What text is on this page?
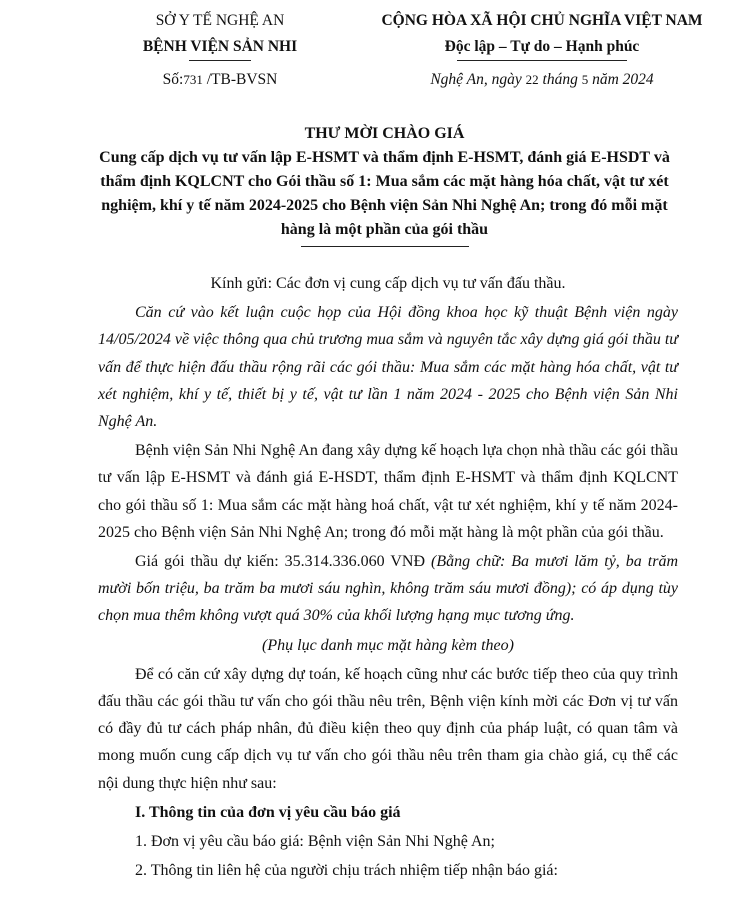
SỞ Y TẾ NGHỆ AN
BỆNH VIỆN SẢN NHI
Số:731 /TB-BVSN
CỘNG HÒA XÃ HỘI CHỦ NGHĨA VIỆT NAM
Độc lập – Tự do – Hạnh phúc
Nghệ An, ngày 22 tháng 5 năm 2024
THƯ MỜI CHÀO GIÁ
Cung cấp dịch vụ tư vấn lập E-HSMT và thẩm định E-HSMT, đánh giá E-HSDT và thẩm định KQLCNT cho Gói thầu số 1: Mua sắm các mặt hàng hóa chất, vật tư xét nghiệm, khí y tế năm 2024-2025 cho Bệnh viện Sản Nhi Nghệ An; trong đó mỗi mặt hàng là một phần của gói thầu

Kính gửi: Các đơn vị cung cấp dịch vụ tư vấn đấu thầu.

Căn cứ vào kết luận cuộc họp của Hội đồng khoa học kỹ thuật Bệnh viện ngày 14/05/2024 về việc thông qua chủ trương mua sắm và nguyên tắc xây dựng giá gói thầu tư vấn để thực hiện đấu thầu rộng rãi các gói thầu: Mua sắm các mặt hàng hóa chất, vật tư xét nghiệm, khí y tế, thiết bị y tế, vật tư lần 1 năm 2024 - 2025 cho Bệnh viện Sản Nhi Nghệ An.

Bệnh viện Sản Nhi Nghệ An đang xây dựng kế hoạch lựa chọn nhà thầu các gói thầu tư vấn lập E-HSMT và đánh giá E-HSDT, thẩm định E-HSMT và thẩm định KQLCNT cho gói thầu số 1: Mua sắm các mặt hàng hoá chất, vật tư xét nghiệm, khí y tế năm 2024-2025 cho Bệnh viện Sản Nhi Nghệ An; trong đó mỗi mặt hàng là một phần của gói thầu.

Giá gói thầu dự kiến: 35.314.336.060 VNĐ (Bằng chữ: Ba mươi lăm tỷ, ba trăm mười bốn triệu, ba trăm ba mươi sáu nghìn, không trăm sáu mươi đồng); có áp dụng tùy chọn mua thêm không vượt quá 30% của khối lượng hạng mục tương ứng.

(Phụ lục danh mục mặt hàng kèm theo)

Để có căn cứ xây dựng dự toán, kế hoạch cũng như các bước tiếp theo của quy trình đấu thầu các gói thầu tư vấn cho gói thầu nêu trên, Bệnh viện kính mời các Đơn vị tư vấn có đầy đủ tư cách pháp nhân, đủ điều kiện theo quy định của pháp luật, có quan tâm và mong muốn cung cấp dịch vụ tư vấn cho gói thầu nêu trên tham gia chào giá, cụ thể các nội dung thực hiện như sau:

I. Thông tin của đơn vị yêu cầu báo giá

1. Đơn vị yêu cầu báo giá: Bệnh viện Sản Nhi Nghệ An;

2. Thông tin liên hệ của người chịu trách nhiệm tiếp nhận báo giá:
